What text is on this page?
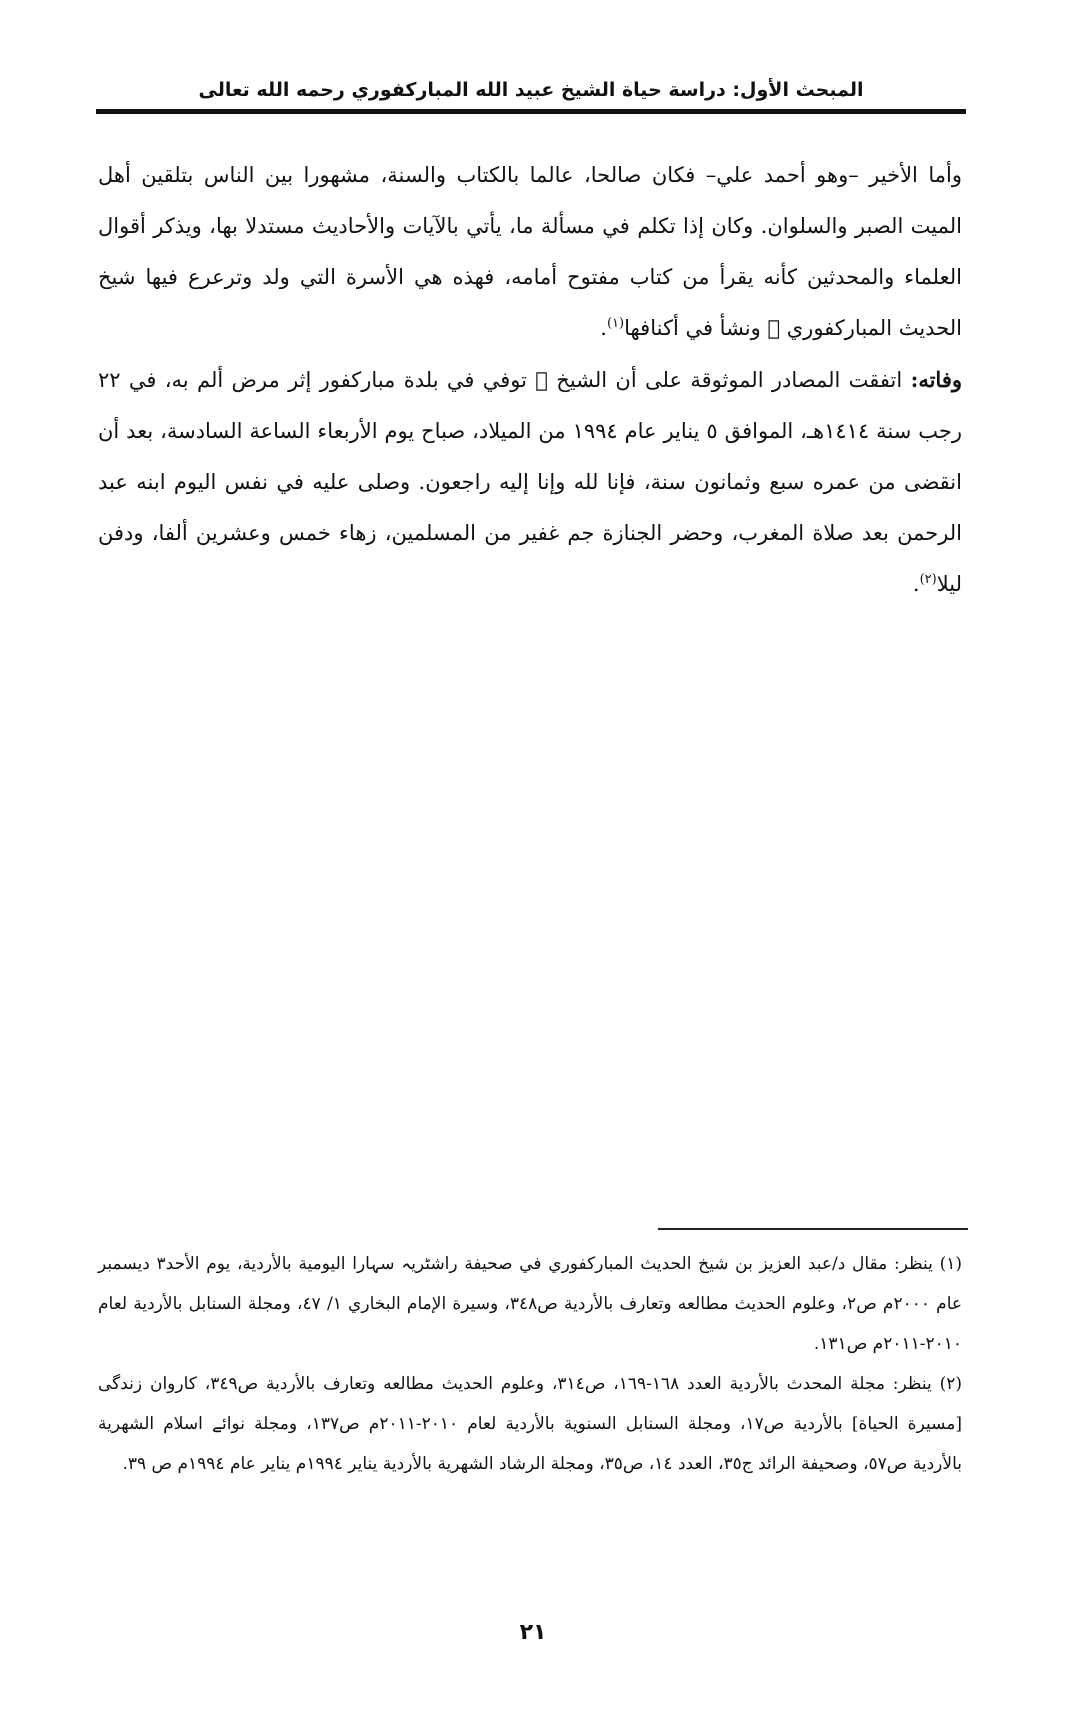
المبحث الأول: دراسة حياة الشيخ عبيد الله المباركفوري رحمه الله تعالى

وأما الأخير –وهو أحمد علي– فكان صالحا، عالما بالكتاب والسنة، مشهورا بين الناس بتلقين أهل الميت الصبر والسلوان. وكان إذا تكلم في مسألة ما، يأتي بالآيات والأحاديث مستدلا بها، ويذكر أقوال العلماء والمحدثين كأنه يقرأ من كتاب مفتوح أمامه، فهذه هي الأسرة التي ولد وترعرع فيها شيخ الحديث المباركفوري ﷫ ونشأ في أكنافها$^{(١)}$.

وفاته: اتفقت المصادر الموثوقة على أن الشيخ ﷫ توفي في بلدة مباركفور إثر مرض ألم به، في ٢٢ رجب سنة ١٤١٤هـ، الموافق ٥ يناير عام ١٩٩٤ من الميلاد، صباح يوم الأربعاء الساعة السادسة، بعد أن انقضى من عمره سبع وثمانون سنة، فإنا لله وإنا إليه راجعون. وصلى عليه في نفس اليوم ابنه عبد الرحمن بعد صلاة المغرب، وحضر الجنازة جم غفير من المسلمين، زهاء خمس وعشرين ألفا، ودفن ليلا$^{(٢)}$.

(١) ينظر: مقال د/عبد العزيز بن شيخ الحديث المباركفوري في صحيفة راشٹریہ سہارا اليومية بالأردية، يوم الأحد٣ ديسمبر عام ٢٠٠٠م ص٢، وعلوم الحديث مطالعه وتعارف بالأردية ص٣٤٨، وسيرة الإمام البخاري ١/ ٤٧، ومجلة السنابل بالأردية لعام ٢٠١٠-٢٠١١م ص١٣١.

(٢) ينظر: مجلة المحدث بالأردية العدد ١٦٨-١٦٩، ص٣١٤، وعلوم الحديث مطالعه وتعارف بالأردية ص٣٤٩، كاروان زندگی [مسيرة الحياة] بالأردية ص١٧، ومجلة السنابل السنوية بالأردية لعام ٢٠١٠-٢٠١١م ص١٣٧، ومجلة نوائے اسلام الشهرية بالأردية ص٥٧، وصحيفة الرائد ج٣٥، العدد ١٤، ص٣٥، ومجلة الرشاد الشهرية بالأردية يناير ١٩٩٤م يناير عام ١٩٩٤م ص ٣٩.

٢١
